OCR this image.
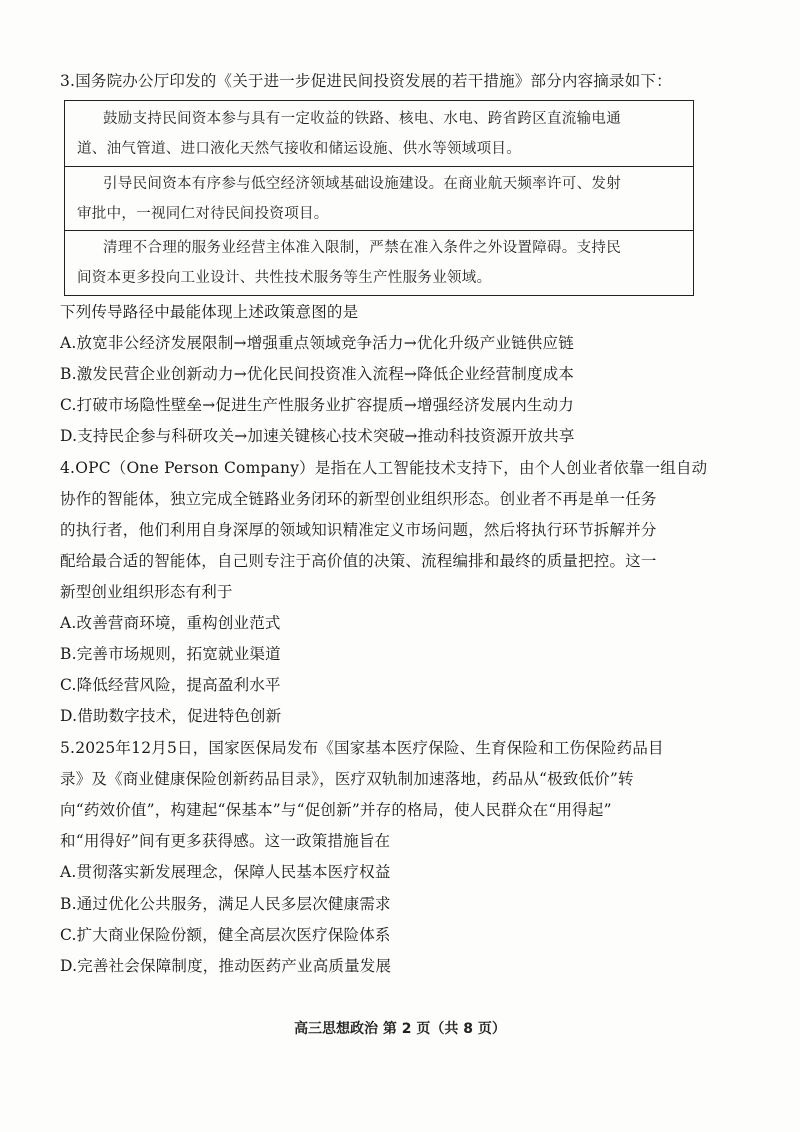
3.国务院办公厅印发的《关于进一步促进民间投资发展的若干措施》部分内容摘录如下：
鼓励支持民间资本参与具有一定收益的铁路、核电、水电、跨省跨区直流输电通
道、油气管道、进口液化天然气接收和储运设施、供水等领域项目。
引导民间资本有序参与低空经济领域基础设施建设。在商业航天频率许可、发射
审批中，一视同仁对待民间投资项目。
清理不合理的服务业经营主体准入限制，严禁在准入条件之外设置障碍。支持民
间资本更多投向工业设计、共性技术服务等生产性服务业领域。
下列传导路径中最能体现上述政策意图的是
A.放宽非公经济发展限制→增强重点领域竞争活力→优化升级产业链供应链
B.激发民营企业创新动力→优化民间投资准入流程→降低企业经营制度成本
C.打破市场隐性壁垒→促进生产性服务业扩容提质→增强经济发展内生动力
D.支持民企参与科研攻关→加速关键核心技术突破→推动科技资源开放共享
4.OPC（One Person Company）是指在人工智能技术支持下，由个人创业者依靠一组自动
协作的智能体，独立完成全链路业务闭环的新型创业组织形态。创业者不再是单一任务
的执行者，他们利用自身深厚的领域知识精准定义市场问题，然后将执行环节拆解并分
配给最合适的智能体，自己则专注于高价值的决策、流程编排和最终的质量把控。这一
新型创业组织形态有利于
A.改善营商环境，重构创业范式
B.完善市场规则，拓宽就业渠道
C.降低经营风险，提高盈利水平
D.借助数字技术，促进特色创新
5.2025年12月5日，国家医保局发布《国家基本医疗保险、生育保险和工伤保险药品目
录》及《商业健康保险创新药品目录》，医疗双轨制加速落地，药品从“极致低价”转
向“药效价值”，构建起“保基本”与“促创新”并存的格局，使人民群众在“用得起”
和“用得好”间有更多获得感。这一政策措施旨在
A.贯彻落实新发展理念，保障人民基本医疗权益
B.通过优化公共服务，满足人民多层次健康需求
C.扩大商业保险份额，健全高层次医疗保险体系
D.完善社会保障制度，推动医药产业高质量发展
高三思想政治 第 2 页（共 8 页）
